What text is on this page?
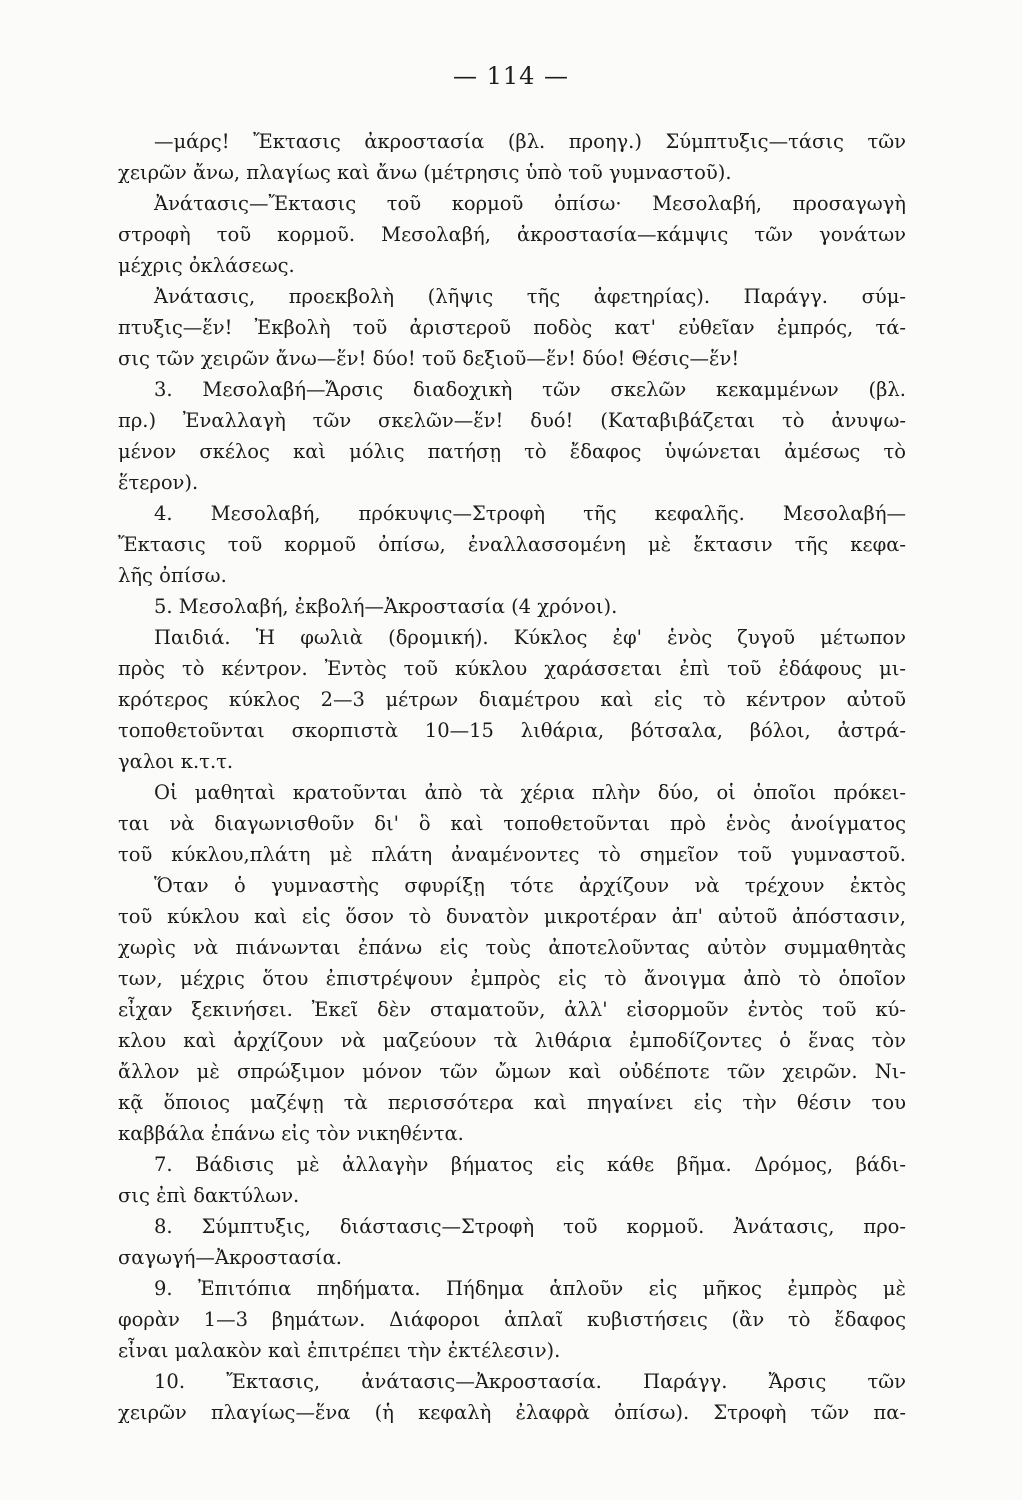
— 114 —
—μάρς! Ἔκτασις ἀκροστασία (βλ. προηγ.) Σύμπτυξις—τάσις τῶν
χειρῶν ἄνω, πλαγίως καὶ ἄνω (μέτρησις ὑπὸ τοῦ γυμναστοῦ).
Ἀνάτασις—Ἔκτασις τοῦ κορμοῦ ὀπίσω· Μεσολαβή, προσαγωγὴ
στροφὴ τοῦ κορμοῦ. Μεσολαβή, ἀκροστασία—κάμψις τῶν γονάτων
μέχρις ὀκλάσεως.
Ἀνάτασις, προεκβολὴ (λῆψις τῆς ἀφετηρίας). Παράγγ. σύμ-
πτυξις—ἕν! Ἐκβολὴ τοῦ ἀριστεροῦ ποδὸς κατ' εὐθεῖαν ἐμπρός, τά-
σις τῶν χειρῶν ἄνω—ἕν! δύο! τοῦ δεξιοῦ—ἕν! δύο! Θέσις—ἕν!
3. Μεσολαβή—Ἄρσις διαδοχικὴ τῶν σκελῶν κεκαμμένων (βλ.
πρ.) Ἐναλλαγὴ τῶν σκελῶν—ἕν! δυό! (Καταβιβάζεται τὸ ἀνυψω-
μένον σκέλος καὶ μόλις πατήσῃ τὸ ἔδαφος ὑψώνεται ἀμέσως τὸ
ἕτερον).
4. Μεσολαβή, πρόκυψις—Στροφὴ τῆς κεφαλῆς. Μεσολαβή—
Ἔκτασις τοῦ κορμοῦ ὀπίσω, ἐναλλασσομένη μὲ ἔκτασιν τῆς κεφα-
λῆς ὀπίσω.
5. Μεσολαβή, ἐκβολή—Ἀκροστασία (4 χρόνοι).
Παιδιά. Ἡ φωλιὰ (δρομική). Κύκλος ἐφ' ἑνὸς ζυγοῦ μέτωπον
πρὸς τὸ κέντρον. Ἐντὸς τοῦ κύκλου χαράσσεται ἐπὶ τοῦ ἐδάφους μι-
κρότερος κύκλος 2—3 μέτρων διαμέτρου καὶ εἰς τὸ κέντρον αὐτοῦ
τοποθετοῦνται σκορπιστὰ 10—15 λιθάρια, βότσαλα, βόλοι, ἀστρά-
γαλοι κ.τ.τ.
Οἱ μαθηταὶ κρατοῦνται ἀπὸ τὰ χέρια πλὴν δύο, οἱ ὁποῖοι πρόκει-
ται νὰ διαγωνισθοῦν δι' ὃ καὶ τοποθετοῦνται πρὸ ἑνὸς ἀνοίγματος
τοῦ κύκλου,πλάτη μὲ πλάτη ἀναμένοντες τὸ σημεῖον τοῦ γυμναστοῦ.
Ὅταν ὁ γυμναστὴς σφυρίξῃ τότε ἀρχίζουν νὰ τρέχουν ἐκτὸς
τοῦ κύκλου καὶ εἰς ὅσον τὸ δυνατὸν μικροτέραν ἀπ' αὐτοῦ ἀπόστασιν,
χωρὶς νὰ πιάνωνται ἐπάνω εἰς τοὺς ἀποτελοῦντας αὐτὸν συμμαθητὰς
των, μέχρις ὅτου ἐπιστρέψουν ἐμπρὸς εἰς τὸ ἄνοιγμα ἀπὸ τὸ ὁποῖον
εἶχαν ξεκινήσει. Ἐκεῖ δὲν σταματοῦν, ἀλλ' εἰσορμοῦν ἐντὸς τοῦ κύ-
κλου καὶ ἀρχίζουν νὰ μαζεύουν τὰ λιθάρια ἐμποδίζοντες ὁ ἕνας τὸν
ἄλλον μὲ σπρώξιμον μόνον τῶν ὤμων καὶ οὐδέποτε τῶν χειρῶν. Νι-
κᾷ ὅποιος μαζέψῃ τὰ περισσότερα καὶ πηγαίνει εἰς τὴν θέσιν του
καββάλα ἐπάνω εἰς τὸν νικηθέντα.
7. Βάδισις μὲ ἀλλαγὴν βήματος εἰς κάθε βῆμα. Δρόμος, βάδι-
σις ἐπὶ δακτύλων.
8. Σύμπτυξις, διάστασις—Στροφὴ τοῦ κορμοῦ. Ἀνάτασις, προ-
σαγωγή—Ἀκροστασία.
9. Ἐπιτόπια πηδήματα. Πήδημα ἁπλοῦν εἰς μῆκος ἐμπρὸς μὲ
φορὰν 1—3 βημάτων. Διάφοροι ἁπλαῖ κυβιστήσεις (ἂν τὸ ἔδαφος
εἶναι μαλακὸν καὶ ἐπιτρέπει τὴν ἐκτέλεσιν).
10. Ἔκτασις, ἀνάτασις—Ἀκροστασία. Παράγγ. Ἄρσις τῶν
χειρῶν πλαγίως—ἕνα (ἡ κεφαλὴ ἐλαφρὰ ὀπίσω). Στροφὴ τῶν πα-
